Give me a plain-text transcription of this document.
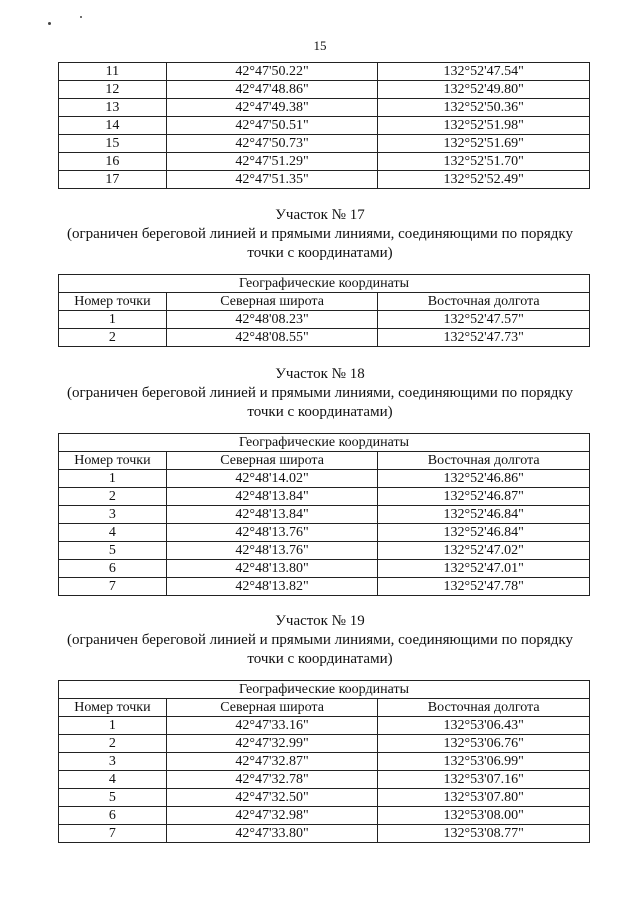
15
11	42°47'50.22"	132°52'47.54"
12	42°47'48.86"	132°52'49.80"
13	42°47'49.38"	132°52'50.36"
14	42°47'50.51"	132°52'51.98"
15	42°47'50.73"	132°52'51.69"
16	42°47'51.29"	132°52'51.70"
17	42°47'51.35"	132°52'52.49"
Участок № 17
(ограничен береговой линией и прямыми линиями, соединяющими по порядку
точки с координатами)
Географические координаты		
Номер точки	Северная широта	Восточная долгота
1	42°48'08.23"	132°52'47.57"
2	42°48'08.55"	132°52'47.73"
Участок № 18
(ограничен береговой линией и прямыми линиями, соединяющими по порядку
точки с координатами)
Географические координаты		
Номер точки	Северная широта	Восточная долгота
1	42°48'14.02"	132°52'46.86"
2	42°48'13.84"	132°52'46.87"
3	42°48'13.84"	132°52'46.84"
4	42°48'13.76"	132°52'46.84"
5	42°48'13.76"	132°52'47.02"
6	42°48'13.80"	132°52'47.01"
7	42°48'13.82"	132°52'47.78"
Участок № 19
(ограничен береговой линией и прямыми линиями, соединяющими по порядку
точки с координатами)
Географические координаты		
Номер точки	Северная широта	Восточная долгота
1	42°47'33.16"	132°53'06.43"
2	42°47'32.99"	132°53'06.76"
3	42°47'32.87"	132°53'06.99"
4	42°47'32.78"	132°53'07.16"
5	42°47'32.50"	132°53'07.80"
6	42°47'32.98"	132°53'08.00"
7	42°47'33.80"	132°53'08.77"
